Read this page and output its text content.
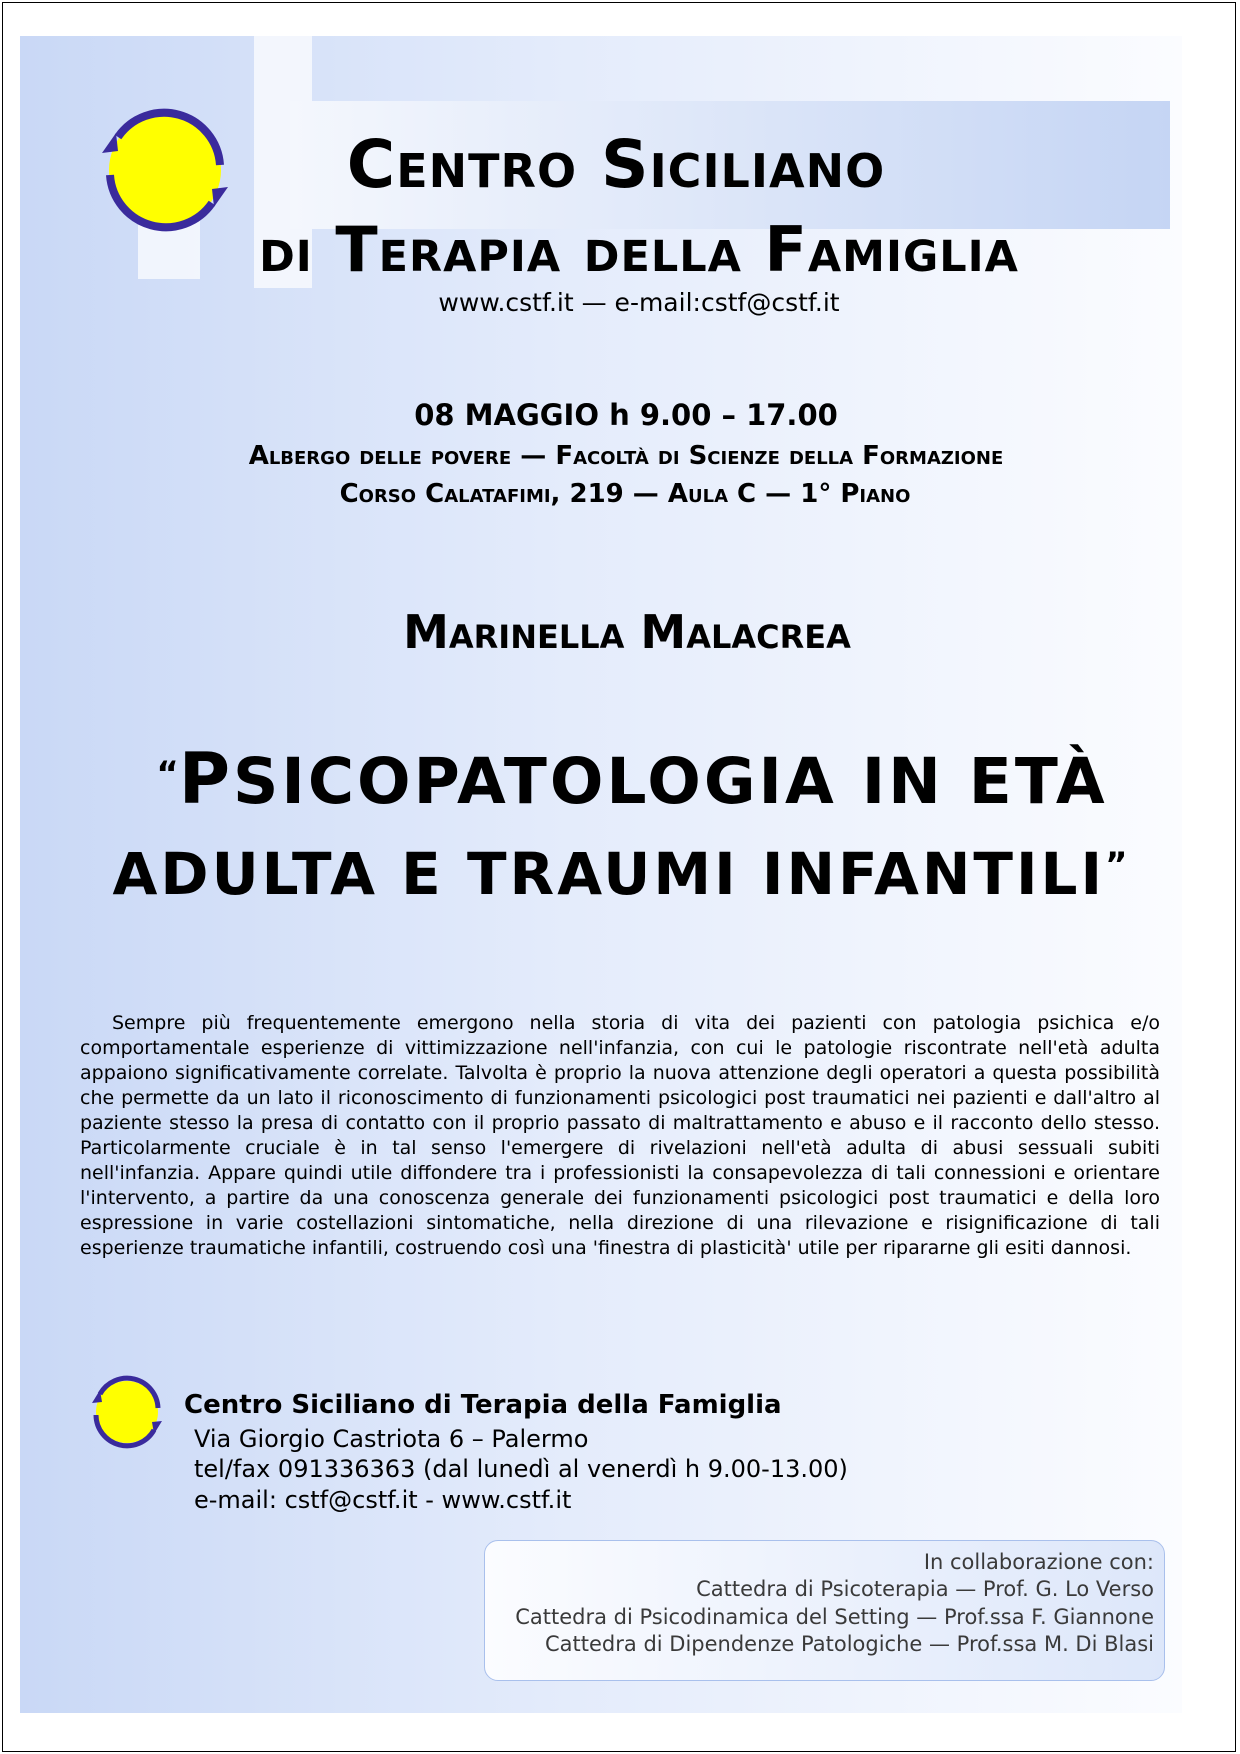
Centro Siciliano
di Terapia della Famiglia
www.cstf.it — e-mail:cstf@cstf.it
08 MAGGIO h 9.00 – 17.00
Albergo delle povere — Facoltà di Scienze della Formazione
Corso Calatafimi, 219 — Aula C — 1° Piano
Marinella Malacrea
“PSICOPATOLOGIA IN ETÀ
ADULTA E TRAUMI INFANTILI”
Sempre più frequentemente emergono nella storia di vita dei pazienti con patologia psichica e/o comportamentale esperienze di vittimizzazione nell'infanzia, con cui le patologie riscontrate nell'età adulta appaiono significativamente correlate. Talvolta è proprio la nuova attenzione degli operatori a questa possibilità che permette da un lato il riconoscimento di funzionamenti psicologici post traumatici nei pazienti e dall'altro al paziente stesso la presa di contatto con il proprio passato di maltrattamento e abuso e il racconto dello stesso. Particolarmente cruciale è in tal senso l'emergere di rivelazioni nell'età adulta di abusi sessuali subiti nell'infanzia. Appare quindi utile diffondere tra i professionisti la consapevolezza di tali connessioni e orientare l'intervento, a partire da una conoscenza generale dei funzionamenti psicologici post traumatici e della loro espressione in varie costellazioni sintomatiche, nella direzione di una rilevazione e risignificazione di tali esperienze traumatiche infantili, costruendo così una 'finestra di plasticità' utile per ripararne gli esiti dannosi.
Centro Siciliano di Terapia della Famiglia
Via Giorgio Castriota 6 – Palermo
tel/fax 091336363 (dal lunedì al venerdì h 9.00-13.00)
e-mail: cstf@cstf.it - www.cstf.it
In collaborazione con:
Cattedra di Psicoterapia — Prof. G. Lo Verso
Cattedra di Psicodinamica del Setting — Prof.ssa F. Giannone
Cattedra di Dipendenze Patologiche — Prof.ssa M. Di Blasi
